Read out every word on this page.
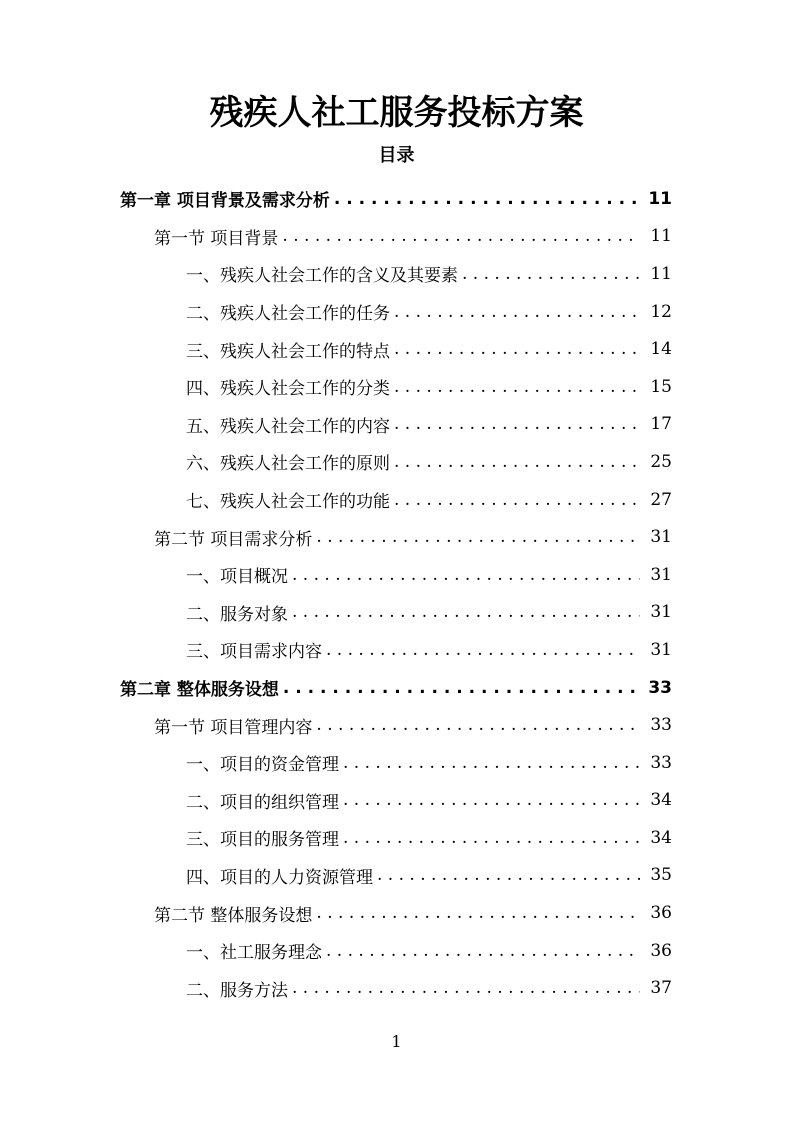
残疾人社工服务投标方案
目录
第一章 项目背景及需求分析 . . .	11
第一节 项目背景 . . .	11
一、残疾人社会工作的含义及其要素 . . .	11
二、残疾人社会工作的任务 . . .	12
三、残疾人社会工作的特点 . . .	14
四、残疾人社会工作的分类 . . .	15
五、残疾人社会工作的内容 . . .	17
六、残疾人社会工作的原则 . . .	25
七、残疾人社会工作的功能 . . .	27
第二节 项目需求分析 . . .	31
一、项目概况 . . .	31
二、服务对象 . . .	31
三、项目需求内容 . . .	31
第二章 整体服务设想 . . .	33
第一节 项目管理内容 . . .	33
一、项目的资金管理 . . .	33
二、项目的组织管理 . . .	34
三、项目的服务管理 . . .	34
四、项目的人力资源管理 . . .	35
第二节 整体服务设想 . . .	36
一、社工服务理念 . . .	36
二、服务方法 . . .	37
1
